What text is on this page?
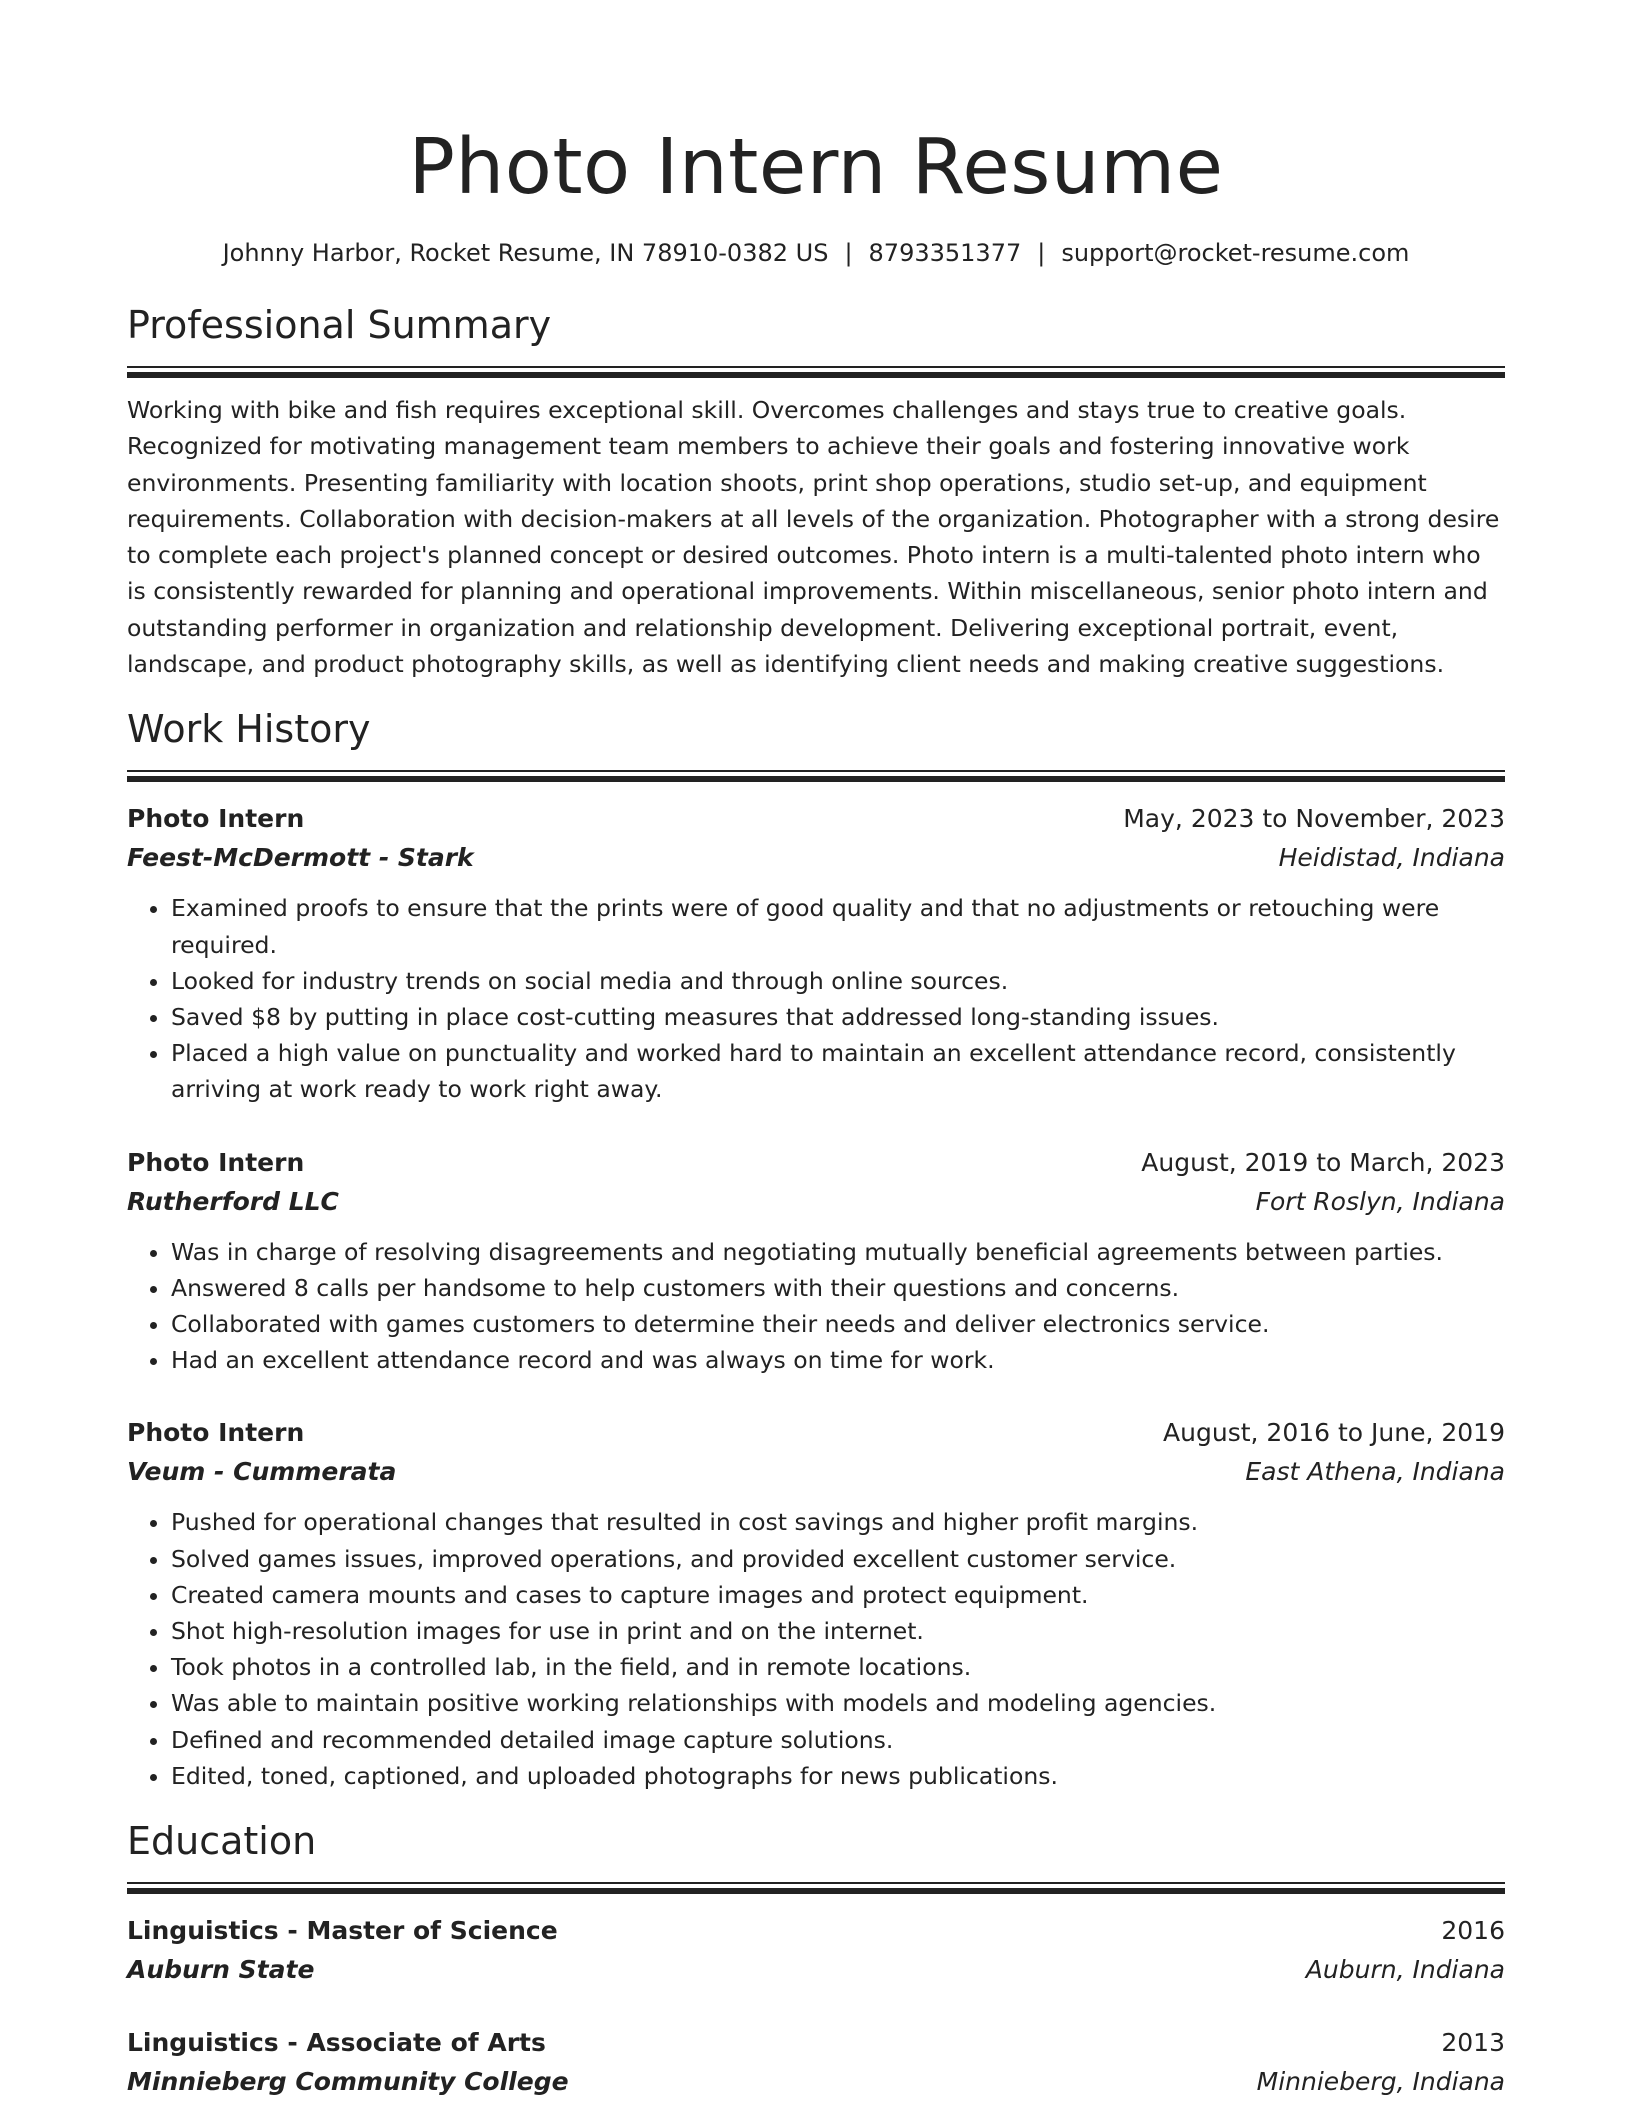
Photo Intern Resume
Johnny Harbor, Rocket Resume, IN 78910-0382 US | 8793351377 | support@rocket-resume.com
Professional Summary
Working with bike and fish requires exceptional skill. Overcomes challenges and stays true to creative goals. Recognized for motivating management team members to achieve their goals and fostering innovative work environments. Presenting familiarity with location shoots, print shop operations, studio set-up, and equipment requirements. Collaboration with decision-makers at all levels of the organization. Photographer with a strong desire to complete each project's planned concept or desired outcomes. Photo intern is a multi-talented photo intern who is consistently rewarded for planning and operational improvements. Within miscellaneous, senior photo intern and outstanding performer in organization and relationship development. Delivering exceptional portrait, event, landscape, and product photography skills, as well as identifying client needs and making creative suggestions.
Work History
Photo Intern	May, 2023 to November, 2023
Feest-McDermott - Stark	Heidistad, Indiana
• Examined proofs to ensure that the prints were of good quality and that no adjustments or retouching were required.
• Looked for industry trends on social media and through online sources.
• Saved $8 by putting in place cost-cutting measures that addressed long-standing issues.
• Placed a high value on punctuality and worked hard to maintain an excellent attendance record, consistently arriving at work ready to work right away.
Photo Intern	August, 2019 to March, 2023
Rutherford LLC	Fort Roslyn, Indiana
• Was in charge of resolving disagreements and negotiating mutually beneficial agreements between parties.
• Answered 8 calls per handsome to help customers with their questions and concerns.
• Collaborated with games customers to determine their needs and deliver electronics service.
• Had an excellent attendance record and was always on time for work.
Photo Intern	August, 2016 to June, 2019
Veum - Cummerata	East Athena, Indiana
• Pushed for operational changes that resulted in cost savings and higher profit margins.
• Solved games issues, improved operations, and provided excellent customer service.
• Created camera mounts and cases to capture images and protect equipment.
• Shot high-resolution images for use in print and on the internet.
• Took photos in a controlled lab, in the field, and in remote locations.
• Was able to maintain positive working relationships with models and modeling agencies.
• Defined and recommended detailed image capture solutions.
• Edited, toned, captioned, and uploaded photographs for news publications.
Education
Linguistics - Master of Science	2016
Auburn State	Auburn, Indiana
Linguistics - Associate of Arts	2013
Minnieberg Community College	Minnieberg, Indiana
